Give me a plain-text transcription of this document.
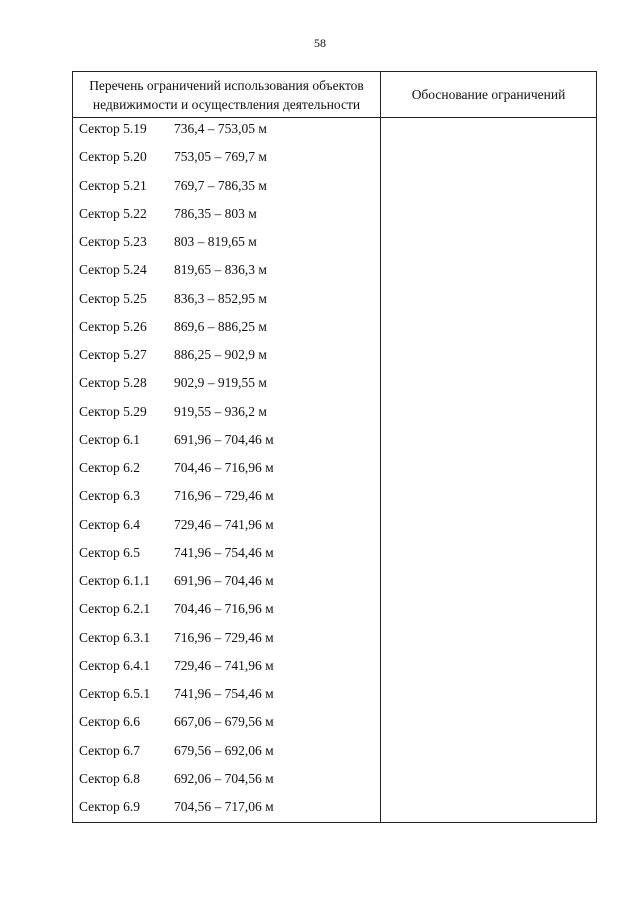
58
Перечень ограничений использования объектов недвижимости и осуществления деятельности
Обоснование ограничений
Сектор 5.19 736,4 – 753,05 м
Сектор 5.20 753,05 – 769,7 м
Сектор 5.21 769,7 – 786,35 м
Сектор 5.22 786,35 – 803 м
Сектор 5.23 803 – 819,65 м
Сектор 5.24 819,65 – 836,3 м
Сектор 5.25 836,3 – 852,95 м
Сектор 5.26 869,6 – 886,25 м
Сектор 5.27 886,25 – 902,9 м
Сектор 5.28 902,9 – 919,55 м
Сектор 5.29 919,55 – 936,2 м
Сектор 6.1	691,96 – 704,46 м
Сектор 6.2	704,46 – 716,96 м
Сектор 6.3	716,96 – 729,46 м
Сектор 6.4	729,46 – 741,96 м
Сектор 6.5	741,96 – 754,46 м
Сектор 6.1.1 691,96 – 704,46 м
Сектор 6.2.1 704,46 – 716,96 м
Сектор 6.3.1 716,96 – 729,46 м
Сектор 6.4.1 729,46 – 741,96 м
Сектор 6.5.1 741,96 – 754,46 м
Сектор 6.6	667,06 – 679,56 м
Сектор 6.7	679,56 – 692,06 м
Сектор 6.8	692,06 – 704,56 м
Сектор 6.9	704,56 – 717,06 м
